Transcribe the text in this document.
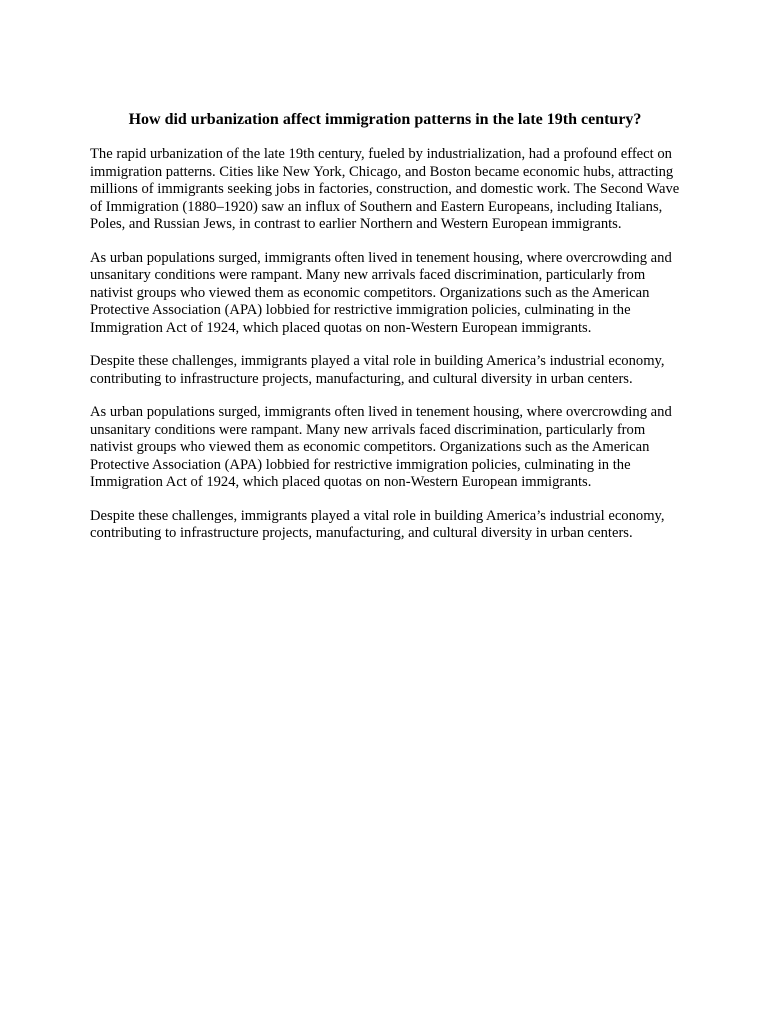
How did urbanization affect immigration patterns in the late 19th century?

The rapid urbanization of the late 19th century, fueled by industrialization, had a profound effect on immigration patterns. Cities like New York, Chicago, and Boston became economic hubs, attracting millions of immigrants seeking jobs in factories, construction, and domestic work. The Second Wave of Immigration (1880–1920) saw an influx of Southern and Eastern Europeans, including Italians, Poles, and Russian Jews, in contrast to earlier Northern and Western European immigrants.

As urban populations surged, immigrants often lived in tenement housing, where overcrowding and unsanitary conditions were rampant. Many new arrivals faced discrimination, particularly from nativist groups who viewed them as economic competitors. Organizations such as the American Protective Association (APA) lobbied for restrictive immigration policies, culminating in the Immigration Act of 1924, which placed quotas on non-Western European immigrants.

Despite these challenges, immigrants played a vital role in building America’s industrial economy, contributing to infrastructure projects, manufacturing, and cultural diversity in urban centers.

As urban populations surged, immigrants often lived in tenement housing, where overcrowding and unsanitary conditions were rampant. Many new arrivals faced discrimination, particularly from nativist groups who viewed them as economic competitors. Organizations such as the American Protective Association (APA) lobbied for restrictive immigration policies, culminating in the Immigration Act of 1924, which placed quotas on non-Western European immigrants.

Despite these challenges, immigrants played a vital role in building America’s industrial economy, contributing to infrastructure projects, manufacturing, and cultural diversity in urban centers.
